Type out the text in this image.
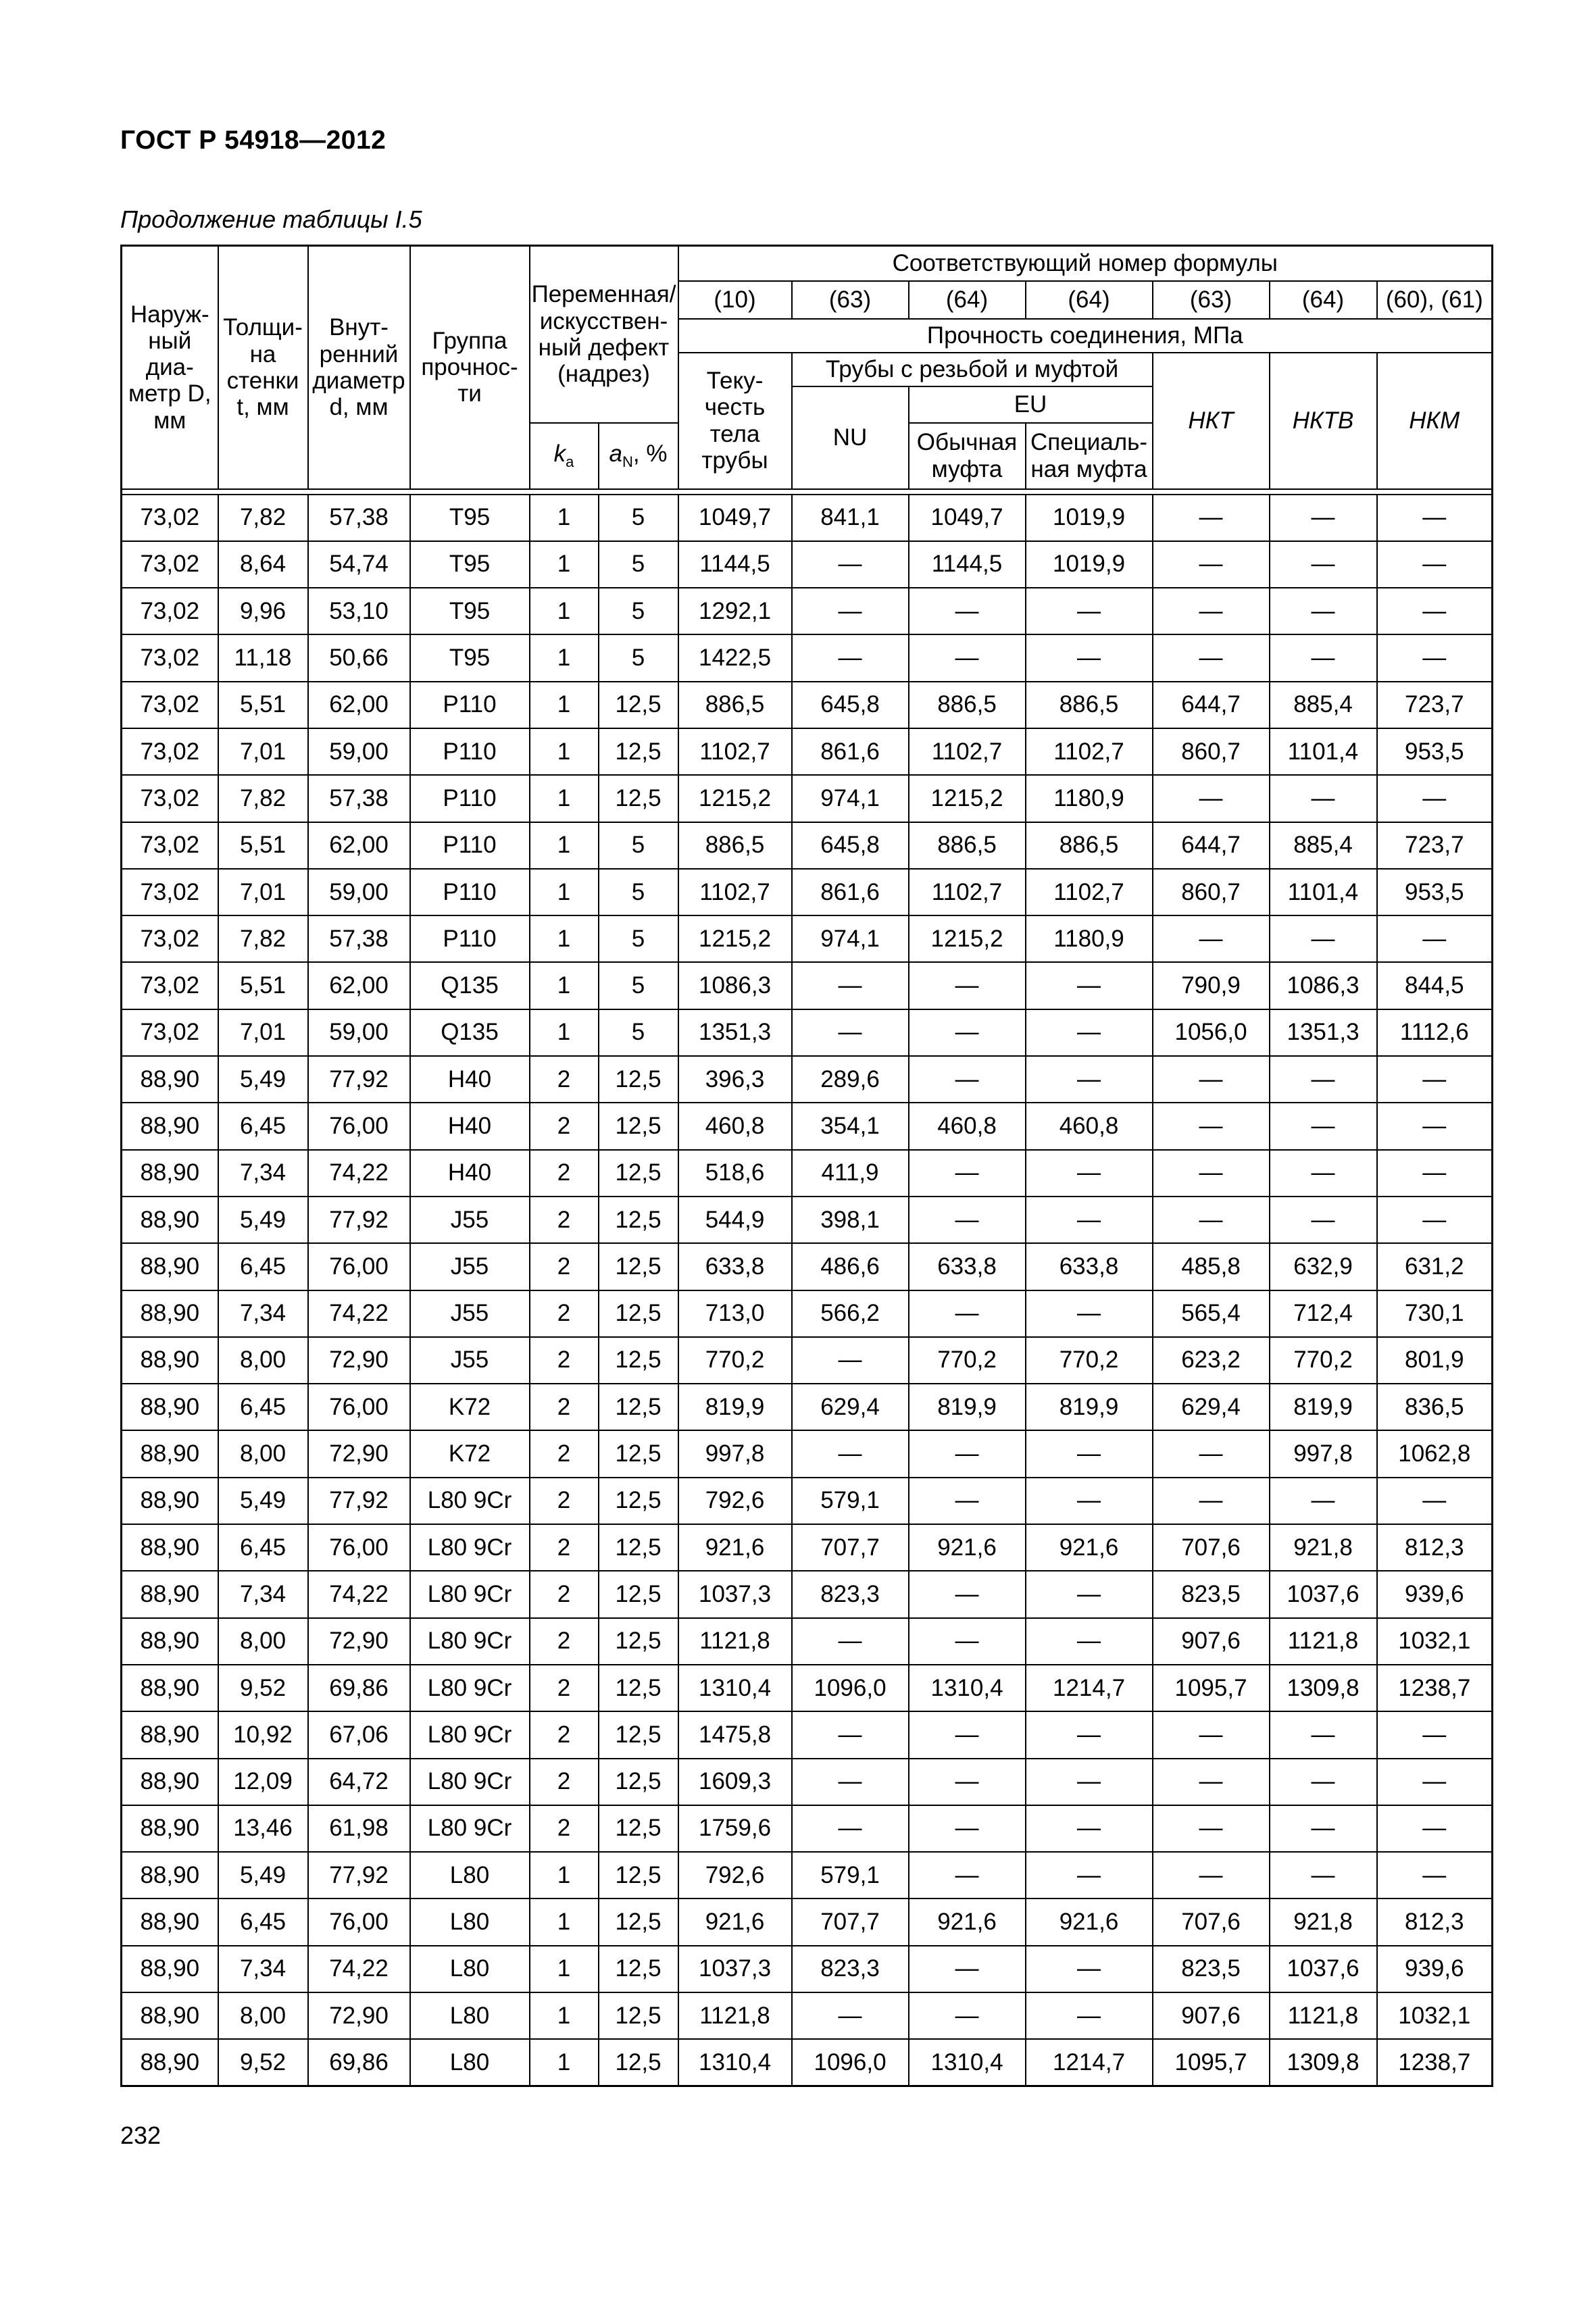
ГОСТ Р 54918—2012
Продолжение таблицы I.5
Наруж-ный диа-метр D, мм	Толщи-на стенки t, мм	Внут-ренний диаметр d, мм	Группа прочнос-ти	Переменная/ искусствен-ный дефект (надрез)		Соответствующий номер формулы						
						(10)	(63)	(64)	(64)	(63)	(64)	(60), (61)
						Прочность соединения, МПа						
						Теку-честь тела трубы	Трубы с резьбой и муфтой			НКТ	НКТВ	НКМ
							NU	EU				
				$k_a$	$a_N$, %			Обычная муфта	Специаль-ная муфта			

73,02	7,82	57,38	T95	1	5	1049,7	841,1	1049,7	1019,9	—	—	—
73,02	8,64	54,74	T95	1	5	1144,5	—	1144,5	1019,9	—	—	—
73,02	9,96	53,10	T95	1	5	1292,1	—	—	—	—	—	—
73,02	11,18	50,66	T95	1	5	1422,5	—	—	—	—	—	—
73,02	5,51	62,00	P110	1	12,5	886,5	645,8	886,5	886,5	644,7	885,4	723,7
73,02	7,01	59,00	P110	1	12,5	1102,7	861,6	1102,7	1102,7	860,7	1101,4	953,5
73,02	7,82	57,38	P110	1	12,5	1215,2	974,1	1215,2	1180,9	—	—	—
73,02	5,51	62,00	P110	1	5	886,5	645,8	886,5	886,5	644,7	885,4	723,7
73,02	7,01	59,00	P110	1	5	1102,7	861,6	1102,7	1102,7	860,7	1101,4	953,5
73,02	7,82	57,38	P110	1	5	1215,2	974,1	1215,2	1180,9	—	—	—
73,02	5,51	62,00	Q135	1	5	1086,3	—	—	—	790,9	1086,3	844,5
73,02	7,01	59,00	Q135	1	5	1351,3	—	—	—	1056,0	1351,3	1112,6
88,90	5,49	77,92	H40	2	12,5	396,3	289,6	—	—	—	—	—
88,90	6,45	76,00	H40	2	12,5	460,8	354,1	460,8	460,8	—	—	—
88,90	7,34	74,22	H40	2	12,5	518,6	411,9	—	—	—	—	—
88,90	5,49	77,92	J55	2	12,5	544,9	398,1	—	—	—	—	—
88,90	6,45	76,00	J55	2	12,5	633,8	486,6	633,8	633,8	485,8	632,9	631,2
88,90	7,34	74,22	J55	2	12,5	713,0	566,2	—	—	565,4	712,4	730,1
88,90	8,00	72,90	J55	2	12,5	770,2	—	770,2	770,2	623,2	770,2	801,9
88,90	6,45	76,00	K72	2	12,5	819,9	629,4	819,9	819,9	629,4	819,9	836,5
88,90	8,00	72,90	K72	2	12,5	997,8	—	—	—	—	997,8	1062,8
88,90	5,49	77,92	L80 9Cr	2	12,5	792,6	579,1	—	—	—	—	—
88,90	6,45	76,00	L80 9Cr	2	12,5	921,6	707,7	921,6	921,6	707,6	921,8	812,3
88,90	7,34	74,22	L80 9Cr	2	12,5	1037,3	823,3	—	—	823,5	1037,6	939,6
88,90	8,00	72,90	L80 9Cr	2	12,5	1121,8	—	—	—	907,6	1121,8	1032,1
88,90	9,52	69,86	L80 9Cr	2	12,5	1310,4	1096,0	1310,4	1214,7	1095,7	1309,8	1238,7
88,90	10,92	67,06	L80 9Cr	2	12,5	1475,8	—	—	—	—	—	—
88,90	12,09	64,72	L80 9Cr	2	12,5	1609,3	—	—	—	—	—	—
88,90	13,46	61,98	L80 9Cr	2	12,5	1759,6	—	—	—	—	—	—
88,90	5,49	77,92	L80	1	12,5	792,6	579,1	—	—	—	—	—
88,90	6,45	76,00	L80	1	12,5	921,6	707,7	921,6	921,6	707,6	921,8	812,3
88,90	7,34	74,22	L80	1	12,5	1037,3	823,3	—	—	823,5	1037,6	939,6
88,90	8,00	72,90	L80	1	12,5	1121,8	—	—	—	907,6	1121,8	1032,1
88,90	9,52	69,86	L80	1	12,5	1310,4	1096,0	1310,4	1214,7	1095,7	1309,8	1238,7
232
